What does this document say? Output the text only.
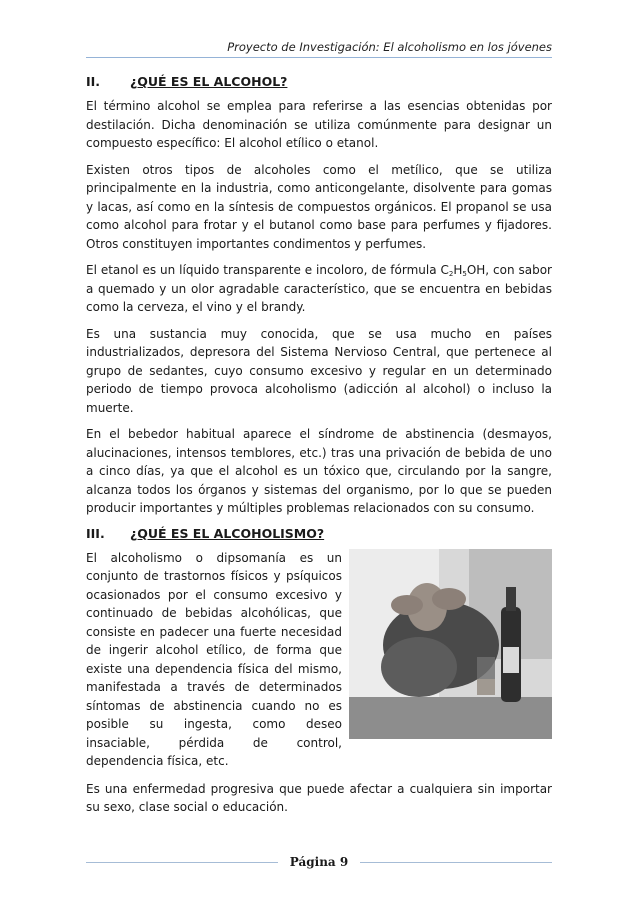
Proyecto de Investigación: El alcoholismo en los jóvenes
II.	¿QUÉ ES EL ALCOHOL?

El término alcohol se emplea para referirse a las esencias obtenidas por destilación. Dicha denominación se utiliza comúnmente para designar un compuesto específico: El alcohol etílico o etanol.

Existen otros tipos de alcoholes como el metílico, que se utiliza principalmente en la industria, como anticongelante, disolvente para gomas y lacas, así como en la síntesis de compuestos orgánicos. El propanol se usa como alcohol para frotar y el butanol como base para perfumes y fijadores. Otros constituyen importantes condimentos y perfumes.

El etanol es un líquido transparente e incoloro, de fórmula $C_2H_5OH$, con sabor a quemado y un olor agradable característico, que se encuentra en bebidas como la cerveza, el vino y el brandy.

Es una sustancia muy conocida, que se usa mucho en países industrializados, depresora del Sistema Nervioso Central, que pertenece al grupo de sedantes, cuyo consumo excesivo y regular en un determinado periodo de tiempo provoca alcoholismo (adicción al alcohol) o incluso la muerte.

En el bebedor habitual aparece el síndrome de abstinencia (desmayos, alucinaciones, intensos temblores, etc.) tras una privación de bebida de uno a cinco días, ya que el alcohol es un tóxico que, circulando por la sangre, alcanza todos los órganos y sistemas del organismo, por lo que se pueden producir importantes y múltiples problemas relacionados con su consumo.

III.	¿QUÉ ES EL ALCOHOLISMO?

El alcoholismo o dipsomanía es un conjunto de trastornos físicos y psíquicos ocasionados por el consumo excesivo y continuado de bebidas alcohólicas, que consiste en padecer una fuerte necesidad de ingerir alcohol etílico, de forma que existe una dependencia física del mismo, manifestada a través de determinados síntomas de abstinencia cuando no es posible su ingesta, como deseo insaciable, pérdida de control, dependencia física, etc.

Es una enfermedad progresiva que puede afectar a cualquiera sin importar su sexo, clase social o educación.

Página 9
